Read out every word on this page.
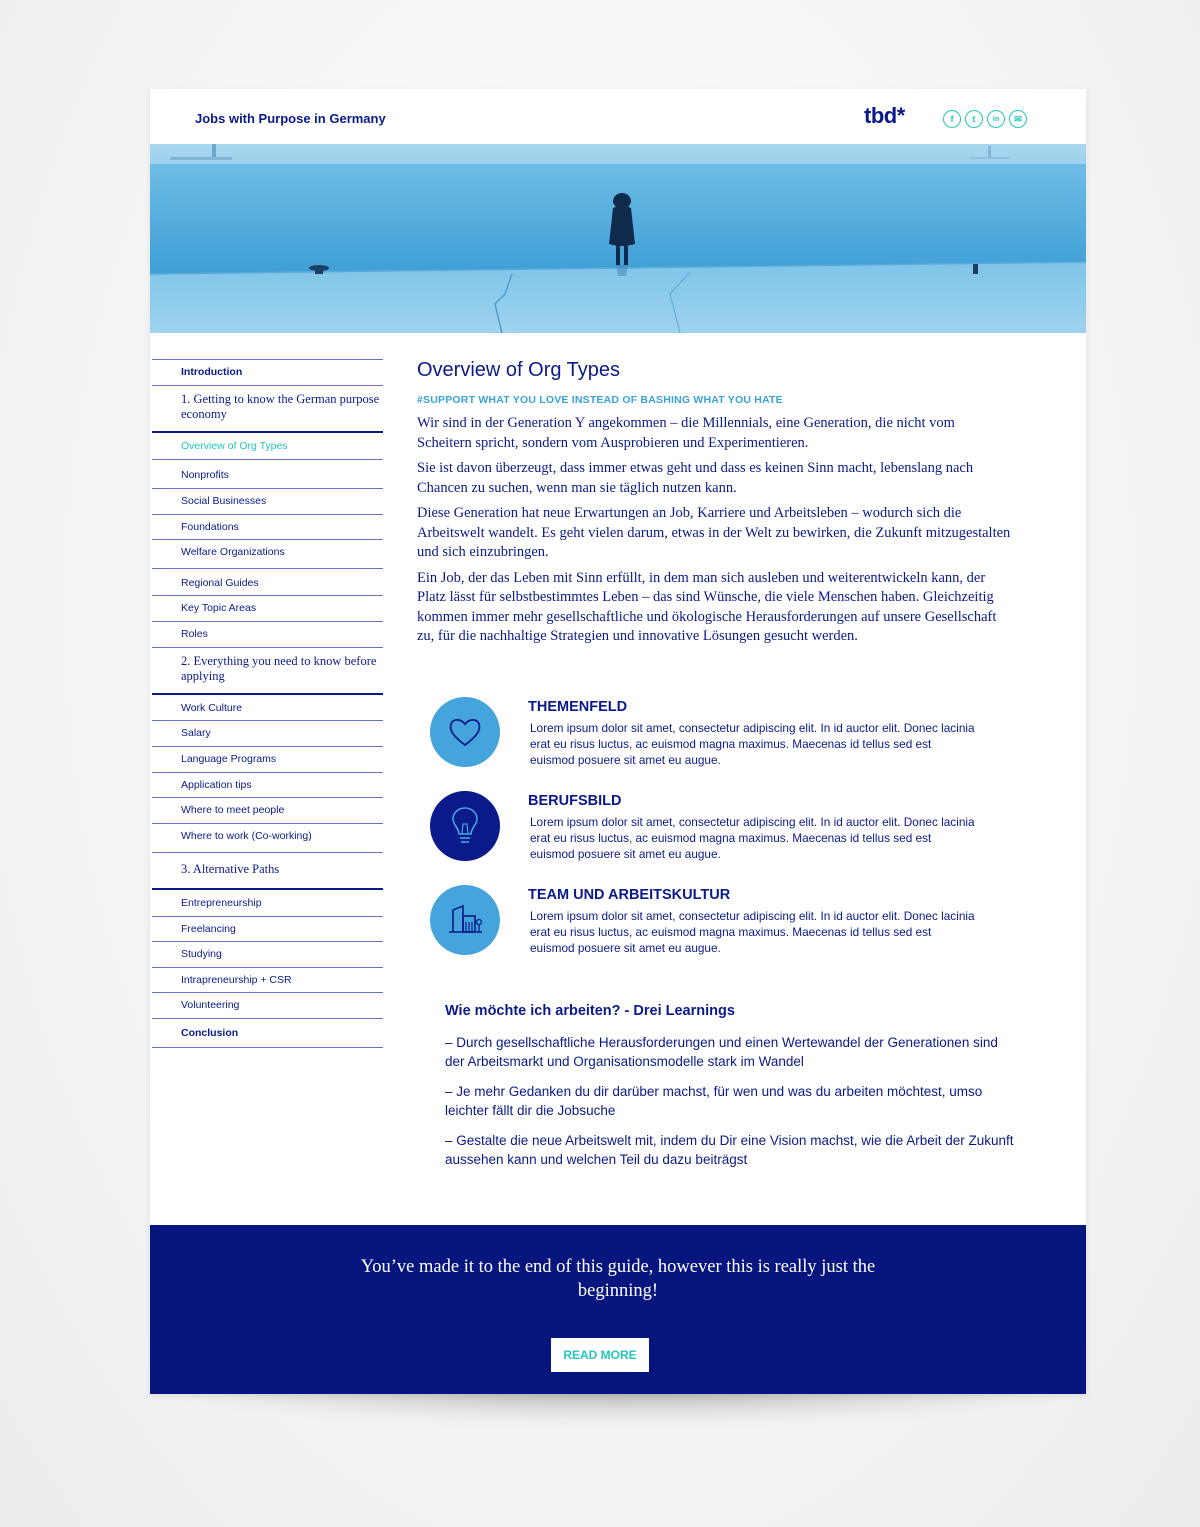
Jobs with Purpose in Germany	tbd*	f	t	in	✉
Introduction
1. Getting to know the German purpose economy
Overview of Org Types
Nonprofits
Social Businesses
Foundations
Welfare Organizations
Regional Guides
Key Topic Areas
Roles
2. Everything you need to know before applying
Work Culture
Salary
Language Programs
Application tips
Where to meet people
Where to work (Co-working)
3. Alternative Paths
Entrepreneurship
Freelancing
Studying
Intrapreneurship + CSR
Volunteering
Conclusion
Overview of Org Types
#SUPPORT WHAT YOU LOVE INSTEAD OF BASHING WHAT YOU HATE

Wir sind in der Generation Y angekommen – die Millennials, eine Generation, die nicht vom Scheitern spricht, sondern vom Ausprobieren und Experimentieren.

Sie ist davon überzeugt, dass immer etwas geht und dass es keinen Sinn macht, lebenslang nach Chancen zu suchen, wenn man sie täglich nutzen kann.

Diese Generation hat neue Erwartungen an Job, Karriere und Arbeitsleben – wodurch sich die Arbeitswelt wandelt. Es geht vielen darum, etwas in der Welt zu bewirken, die Zukunft mitzugestalten und sich einzubringen.

Ein Job, der das Leben mit Sinn erfüllt, in dem man sich ausleben und weiterentwickeln kann, der Platz lässt für selbstbestimmtes Leben – das sind Wünsche, die viele Menschen haben. Gleichzeitig kommen immer mehr gesellschaftliche und ökologische Herausforderungen auf unsere Gesellschaft zu, für die nachhaltige Strategien und innovative Lösungen gesucht werden.

THEMENFELD
Lorem ipsum dolor sit amet, consectetur adipiscing elit. In id auctor elit. Donec lacinia erat eu risus luctus, ac euismod magna maximus. Maecenas id tellus sed est euismod posuere sit amet eu augue.
BERUFSBILD
Lorem ipsum dolor sit amet, consectetur adipiscing elit. In id auctor elit. Donec lacinia erat eu risus luctus, ac euismod magna maximus. Maecenas id tellus sed est euismod posuere sit amet eu augue.
TEAM UND ARBEITSKULTUR
Lorem ipsum dolor sit amet, consectetur adipiscing elit. In id auctor elit. Donec lacinia erat eu risus luctus, ac euismod magna maximus. Maecenas id tellus sed est euismod posuere sit amet eu augue.
Wie möchte ich arbeiten? - Drei Learnings

– Durch gesellschaftliche Herausforderungen und einen Wertewandel der Generationen sind der Arbeitsmarkt und Organisationsmodelle stark im Wandel

– Je mehr Gedanken du dir darüber machst, für wen und was du arbeiten möchtest, umso leichter fällt dir die Jobsuche

– Gestalte die neue Arbeitswelt mit, indem du Dir eine Vision machst, wie die Arbeit der Zukunft aussehen kann und welchen Teil du dazu beiträgst

You’ve made it to the end of this guide, however this is really just the beginning!
READ MORE
